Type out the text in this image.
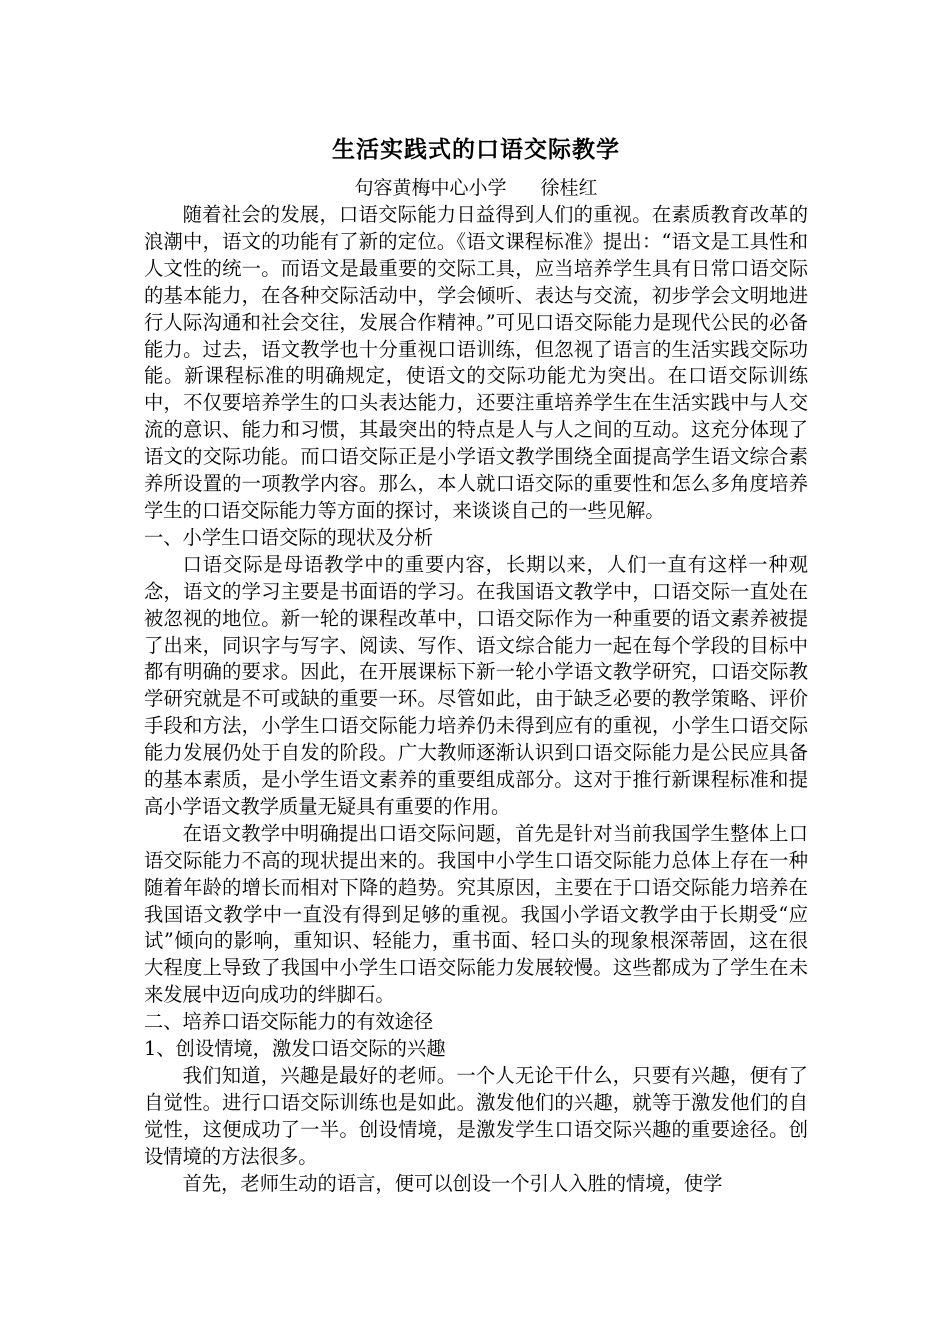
生活实践式的口语交际教学
句容黄梅中心小学 徐桂红

随着社会的发展，口语交际能力日益得到人们的重视。在素质教育改革的浪潮中，语文的功能有了新的定位。《语文课程标准》提出：“语文是工具性和人文性的统一。而语文是最重要的交际工具，应当培养学生具有日常口语交际的基本能力，在各种交际活动中，学会倾听、表达与交流，初步学会文明地进行人际沟通和社会交往，发展合作精神。”可见口语交际能力是现代公民的必备能力。过去，语文教学也十分重视口语训练，但忽视了语言的生活实践交际功能。新课程标准的明确规定，使语文的交际功能尤为突出。在口语交际训练中，不仅要培养学生的口头表达能力，还要注重培养学生在生活实践中与人交流的意识、能力和习惯，其最突出的特点是人与人之间的互动。这充分体现了语文的交际功能。而口语交际正是小学语文教学围绕全面提高学生语文综合素养所设置的一项教学内容。那么，本人就口语交际的重要性和怎么多角度培养学生的口语交际能力等方面的探讨，来谈谈自己的一些见解。

一、小学生口语交际的现状及分析

口语交际是母语教学中的重要内容，长期以来，人们一直有这样一种观念，语文的学习主要是书面语的学习。在我国语文教学中，口语交际一直处在被忽视的地位。新一轮的课程改革中，口语交际作为一种重要的语文素养被提了出来，同识字与写字、阅读、写作、语文综合能力一起在每个学段的目标中都有明确的要求。因此，在开展课标下新一轮小学语文教学研究，口语交际教学研究就是不可或缺的重要一环。尽管如此，由于缺乏必要的教学策略、评价手段和方法，小学生口语交际能力培养仍未得到应有的重视，小学生口语交际能力发展仍处于自发的阶段。广大教师逐渐认识到口语交际能力是公民应具备的基本素质，是小学生语文素养的重要组成部分。这对于推行新课程标准和提高小学语文教学质量无疑具有重要的作用。

在语文教学中明确提出口语交际问题，首先是针对当前我国学生整体上口语交际能力不高的现状提出来的。我国中小学生口语交际能力总体上存在一种随着年龄的增长而相对下降的趋势。究其原因，主要在于口语交际能力培养在我国语文教学中一直没有得到足够的重视。我国小学语文教学由于长期受“应试”倾向的影响，重知识、轻能力，重书面、轻口头的现象根深蒂固，这在很大程度上导致了我国中小学生口语交际能力发展较慢。这些都成为了学生在未来发展中迈向成功的绊脚石。

二、培养口语交际能力的有效途径

1、创设情境，激发口语交际的兴趣

我们知道，兴趣是最好的老师。一个人无论干什么，只要有兴趣，便有了自觉性。进行口语交际训练也是如此。激发他们的兴趣，就等于激发他们的自觉性，这便成功了一半。创设情境，是激发学生口语交际兴趣的重要途径。创设情境的方法很多。

首先，老师生动的语言，便可以创设一个引人入胜的情境，使学
